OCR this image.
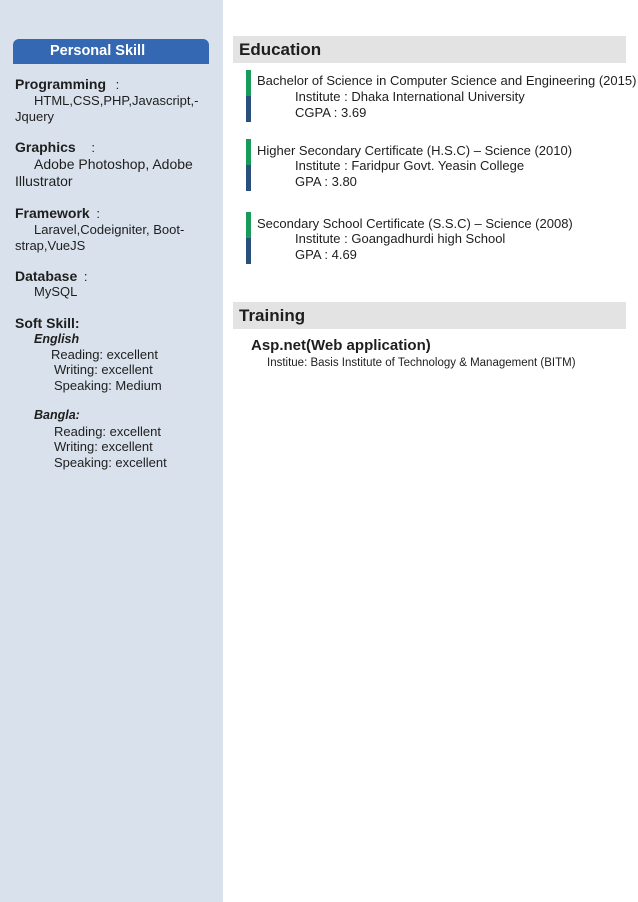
Personal Skill
Programming :
HTML,CSS,PHP,Javascript,-
Jquery
Graphics :
Adobe Photoshop, Adobe
Illustrator
Framework :
Laravel,Codeigniter, Boot-
strap,VueJS
Database :
MySQL
Soft Skill:
English
Reading: excellent
Writing: excellent
Speaking: Medium
Bangla:
Reading: excellent
Writing: excellent
Speaking: excellent
Education
Bachelor of Science in Computer Science and Engineering (2015)
Institute : Dhaka International University
CGPA : 3.69
Higher Secondary Certificate (H.S.C) – Science (2010)
Institute : Faridpur Govt. Yeasin College
GPA : 3.80
Secondary School Certificate (S.S.C) – Science (2008)
Institute : Goangadhurdi high School
GPA : 4.69
Training
Asp.net(Web application)
Institue: Basis Institute of Technology & Management (BITM)
